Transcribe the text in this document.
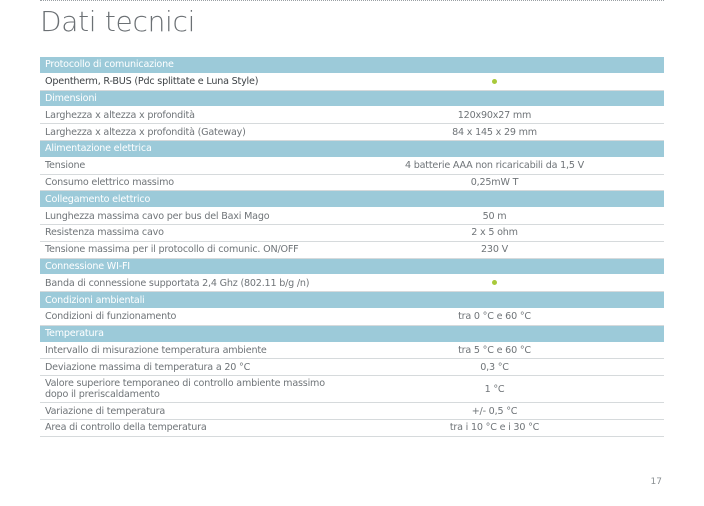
Dati tecnici
Protocollo di comunicazione
Opentherm, R-BUS (Pdc splittate e Luna Style)
Dimensioni
Larghezza x altezza x profondità	120x90x27 mm
Larghezza x altezza x profondità (Gateway)	84 x 145 x 29 mm
Alimentazione elettrica
Tensione	4 batterie AAA non ricaricabili da 1,5 V
Consumo elettrico massimo	0,25mW T
Collegamento elettrico
Lunghezza massima cavo per bus del Baxi Mago	50 m
Resistenza massima cavo	2 x 5 ohm
Tensione massima per il protocollo di comunic. ON/OFF	230 V
Connessione WI-FI
Banda di connessione supportata 2,4 Ghz (802.11 b/g /n)
Condizioni ambientali
Condizioni di funzionamento	tra 0 °C e 60 °C
Temperatura
Intervallo di misurazione temperatura ambiente	tra 5 °C e 60 °C
Deviazione massima di temperatura a 20 °C	0,3 °C
Valore superiore temporaneo di controllo ambiente massimo dopo il preriscaldamento	1 °C
Variazione di temperatura	+/- 0,5 °C
Area di controllo della temperatura	tra i 10 °C e i 30 °C
17
